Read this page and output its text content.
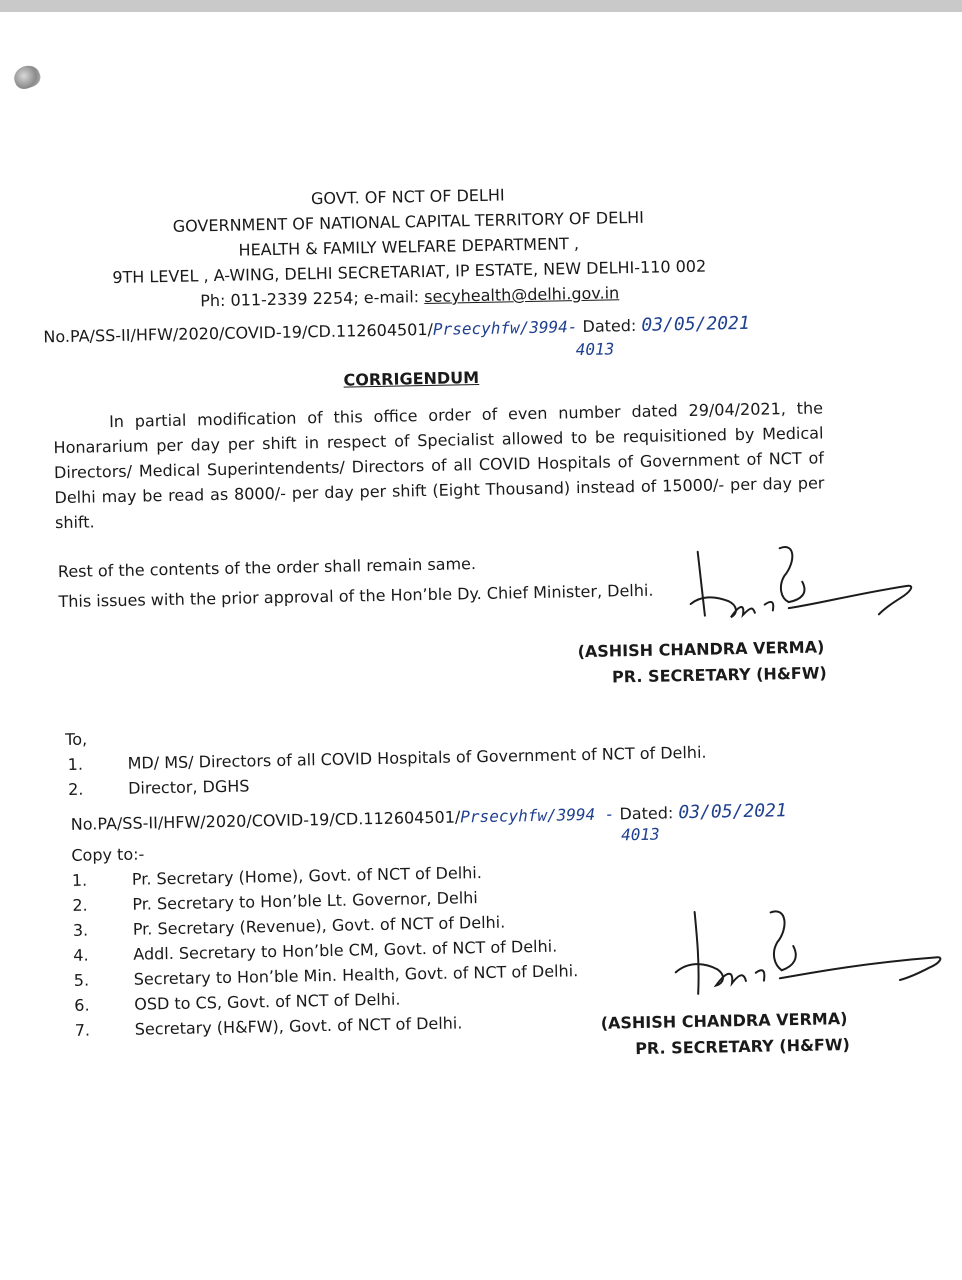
GOVT. OF NCT OF DELHI
GOVERNMENT OF NATIONAL CAPITAL TERRITORY OF DELHI
HEALTH & FAMILY WELFARE DEPARTMENT ,
9TH LEVEL , A-WING, DELHI SECRETARIAT, IP ESTATE, NEW DELHI-110 002
Ph: 011-2339 2254; e-mail: secyhealth@delhi.gov.in
No.PA/SS-II/HFW/2020/COVID-19/CD.112604501/Prsecyhfw/3994- Dated: 03/05/2021
4013
CORRIGENDUM
In partial modification of this office order of even number dated 29/04/2021, the Honararium per day per shift in respect of Specialist allowed to be requisitioned by Medical Directors/ Medical Superintendents/ Directors of all COVID Hospitals of Government of NCT of Delhi may be read as 8000/- per day per shift (Eight Thousand) instead of 15000/- per day per shift.
Rest of the contents of the order shall remain same.
This issues with the prior approval of the Hon’ble Dy. Chief Minister, Delhi.
(ASHISH CHANDRA VERMA)
PR. SECRETARY (H&FW)
To,
1.	MD/ MS/ Directors of all COVID Hospitals of Government of NCT of Delhi.
2.	Director, DGHS
No.PA/SS-II/HFW/2020/COVID-19/CD.112604501/Prsecyhfw/3994 - Dated: 03/05/2021
4013
Copy to:-
1.	Pr. Secretary (Home), Govt. of NCT of Delhi.
2.	Pr. Secretary to Hon’ble Lt. Governor, Delhi
3.	Pr. Secretary (Revenue), Govt. of NCT of Delhi.
4.	Addl. Secretary to Hon’ble CM, Govt. of NCT of Delhi.
5.	Secretary to Hon’ble Min. Health, Govt. of NCT of Delhi.
6.	OSD to CS, Govt. of NCT of Delhi.
7.	Secretary (H&FW), Govt. of NCT of Delhi.	(ASHISH CHANDRA VERMA)
PR. SECRETARY (H&FW)
